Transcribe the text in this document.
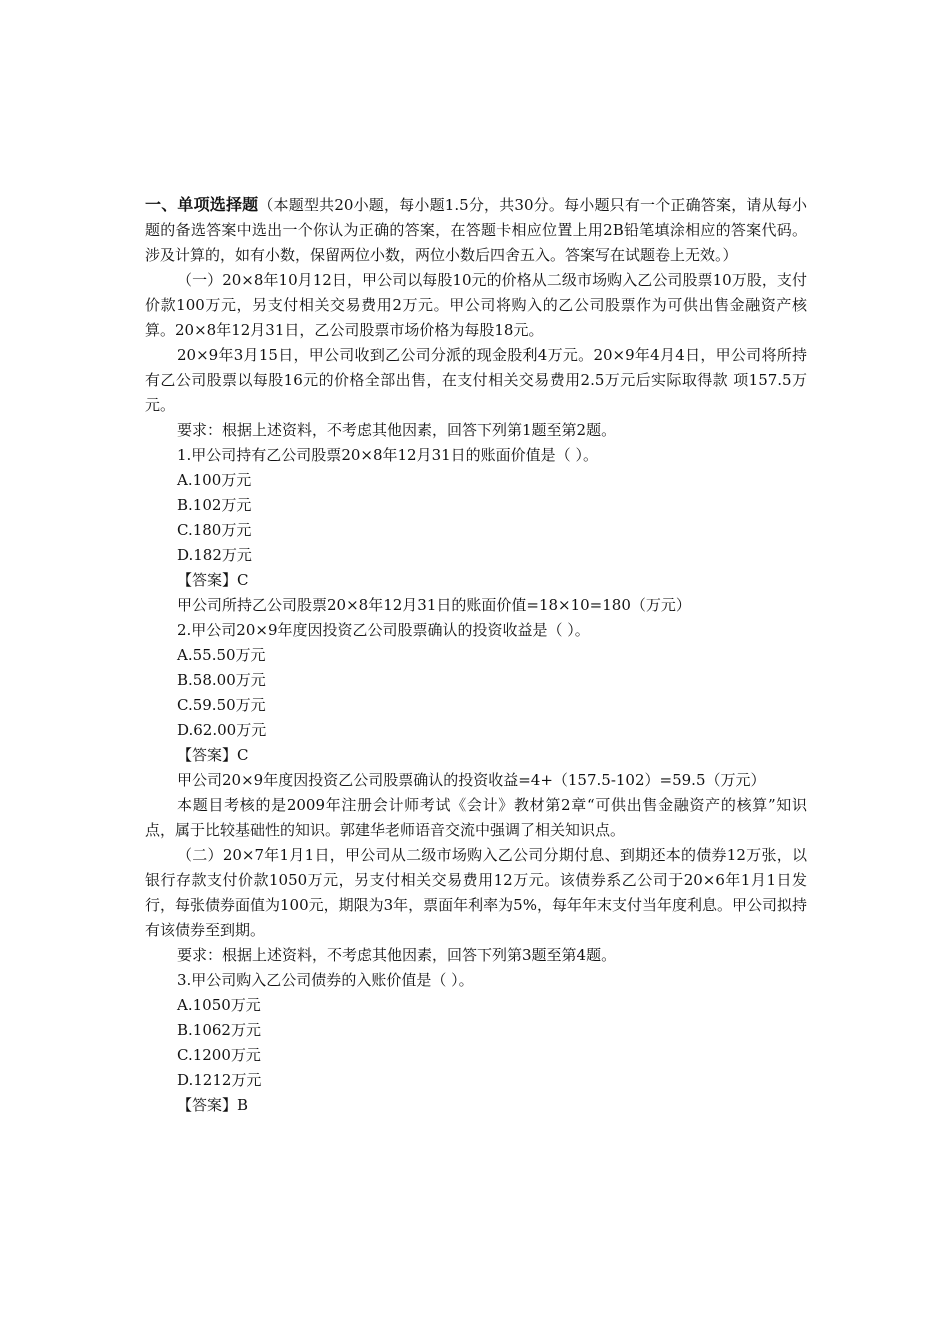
一、单项选择题（本题型共20小题，每小题1.5分，共30分。每小题只有一个正确答案，请从每小题的备选答案中选出一个你认为正确的答案，在答题卡相应位置上用2B铅笔填涂相应的答案代码。涉及计算的，如有小数，保留两位小数，两位小数后四舍五入。答案写在试题卷上无效。）

（一）20×8年10月12日，甲公司以每股10元的价格从二级市场购入乙公司股票10万股，支付价款100万元，另支付相关交易费用2万元。甲公司将购入的乙公司股票作为可供出售金融资产核算。20×8年12月31日，乙公司股票市场价格为每股18元。

20×9年3月15日，甲公司收到乙公司分派的现金股利4万元。20×9年4月4日，甲公司将所持有乙公司股票以每股16元的价格全部出售，在支付相关交易费用2.5万元后实际取得款 项157.5万元。

要求：根据上述资料，不考虑其他因素，回答下列第1题至第2题。
1.甲公司持有乙公司股票20×8年12月31日的账面价值是（ ）。
A.100万元
B.102万元
C.180万元
D.182万元
【答案】C
甲公司所持乙公司股票20×8年12月31日的账面价值=18×10=180（万元）
2.甲公司20×9年度因投资乙公司股票确认的投资收益是（ ）。
A.55.50万元
B.58.00万元
C.59.50万元
D.62.00万元
【答案】C

甲公司20×9年度因投资乙公司股票确认的投资收益=4+（157.5-102）=59.5（万元）

本题目考核的是2009年注册会计师考试《会计》教材第2章“可供出售金融资产的核算”知识点，属于比较基础性的知识。郭建华老师语音交流中强调了相关知识点。

（二）20×7年1月1日，甲公司从二级市场购入乙公司分期付息、到期还本的债券12万张，以银行存款支付价款1050万元，另支付相关交易费用12万元。该债券系乙公司于20×6年1月1日发行，每张债券面值为100元，期限为3年，票面年利率为5%，每年年末支付当年度利息。甲公司拟持有该债券至到期。

要求：根据上述资料，不考虑其他因素，回答下列第3题至第4题。
3.甲公司购入乙公司债券的入账价值是（ ）。
A.1050万元
B.1062万元
C.1200万元
D.1212万元
【答案】B
